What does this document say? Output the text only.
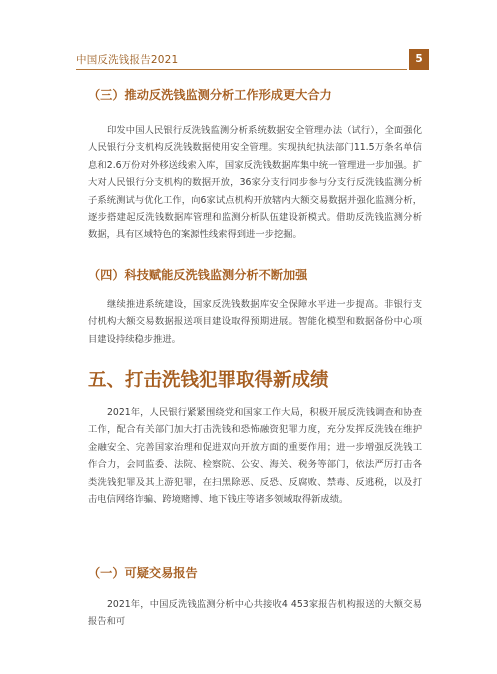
中国反洗钱报告2021	5
（三）推动反洗钱监测分析工作形成更大合力
印发中国人民银行反洗钱监测分析系统数据安全管理办法（试行），全面强化人民银行分支机构反洗钱数据使用安全管理。实现执纪执法部门11.5万条名单信息和2.6万份对外移送线索入库，国家反洗钱数据库集中统一管理进一步加强。扩大对人民银行分支机构的数据开放，36家分支行同步参与分支行反洗钱监测分析子系统测试与优化工作，向6家试点机构开放辖内大额交易数据并强化监测分析，逐步搭建起反洗钱数据库管理和监测分析队伍建设新模式。借助反洗钱监测分析数据，具有区域特色的案源性线索得到进一步挖掘。
（四）科技赋能反洗钱监测分析不断加强
继续推进系统建设，国家反洗钱数据库安全保障水平进一步提高。非银行支付机构大额交易数据报送项目建设取得预期进展。智能化模型和数据备份中心项目建设持续稳步推进。
五、打击洗钱犯罪取得新成绩
2021年，人民银行紧紧围绕党和国家工作大局，积极开展反洗钱调查和协查工作，配合有关部门加大打击洗钱和恐怖融资犯罪力度，充分发挥反洗钱在维护金融安全、完善国家治理和促进双向开放方面的重要作用；进一步增强反洗钱工作合力，会同监委、法院、检察院、公安、海关、税务等部门，依法严厉打击各类洗钱犯罪及其上游犯罪，在扫黑除恶、反恐、反腐败、禁毒、反逃税，以及打击电信网络诈骗、跨境赌博、地下钱庄等诸多领域取得新成绩。
（一）可疑交易报告
2021年，中国反洗钱监测分析中心共接收4 453家报告机构报送的大额交易报告和可
